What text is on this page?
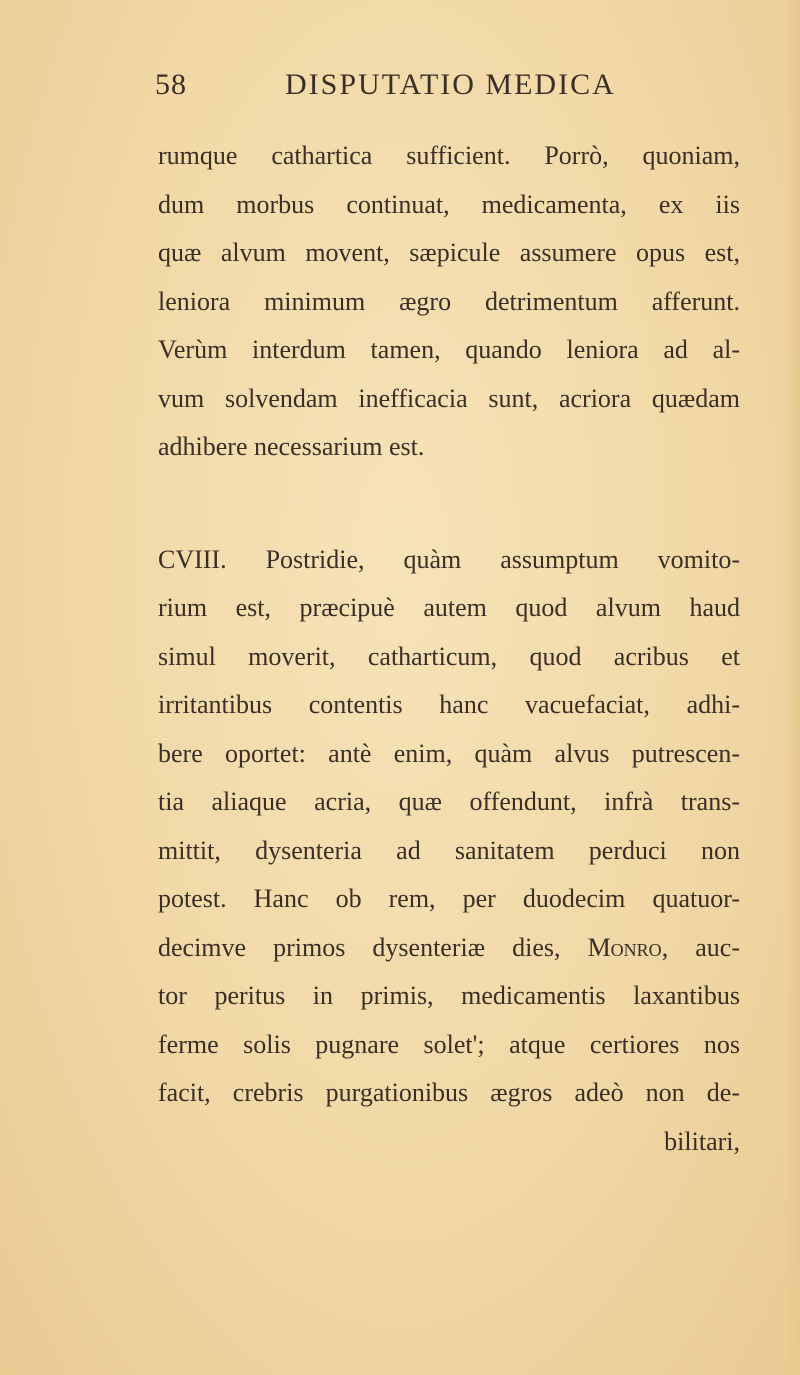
58	DISPUTATIO MEDICA
rumque cathartica sufficient. Porrò, quoniam,
dum morbus continuat, medicamenta, ex iis
quæ alvum movent, sæpicule assumere opus est,
leniora minimum ægro detrimentum afferunt.
Verùm interdum tamen, quando leniora ad al-
vum solvendam inefficacia sunt, acriora quædam
adhibere necessarium est.
CVIII. Postridie, quàm assumptum vomito-
rium est, præcipuè autem quod alvum haud
simul moverit, catharticum, quod acribus et
irritantibus contentis hanc vacuefaciat, adhi-
bere oportet: antè enim, quàm alvus putrescen-
tia aliaque acria, quæ offendunt, infrà trans-
mittit, dysenteria ad sanitatem perduci non
potest. Hanc ob rem, per duodecim quatuor-
decimve primos dysenteriæ dies, Monro, auc-
tor peritus in primis, medicamentis laxantibus
ferme solis pugnare solet'; atque certiores nos
facit, crebris purgationibus ægros adeò non de-
bilitari,
